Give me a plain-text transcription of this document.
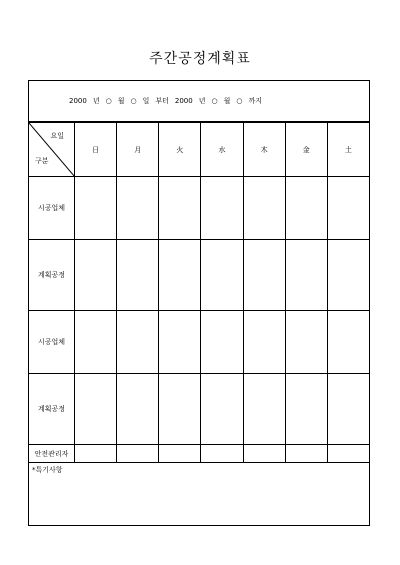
주간공정계획표
2000 년 ○ 월 ○ 일 부터 2000 년 ○ 월 ○ 까지
요일
구분	日	月	火	水	木	金	土
시공업체							
계획공정							
시공업체							
계획공정							
안전관리자							
*특기사항
